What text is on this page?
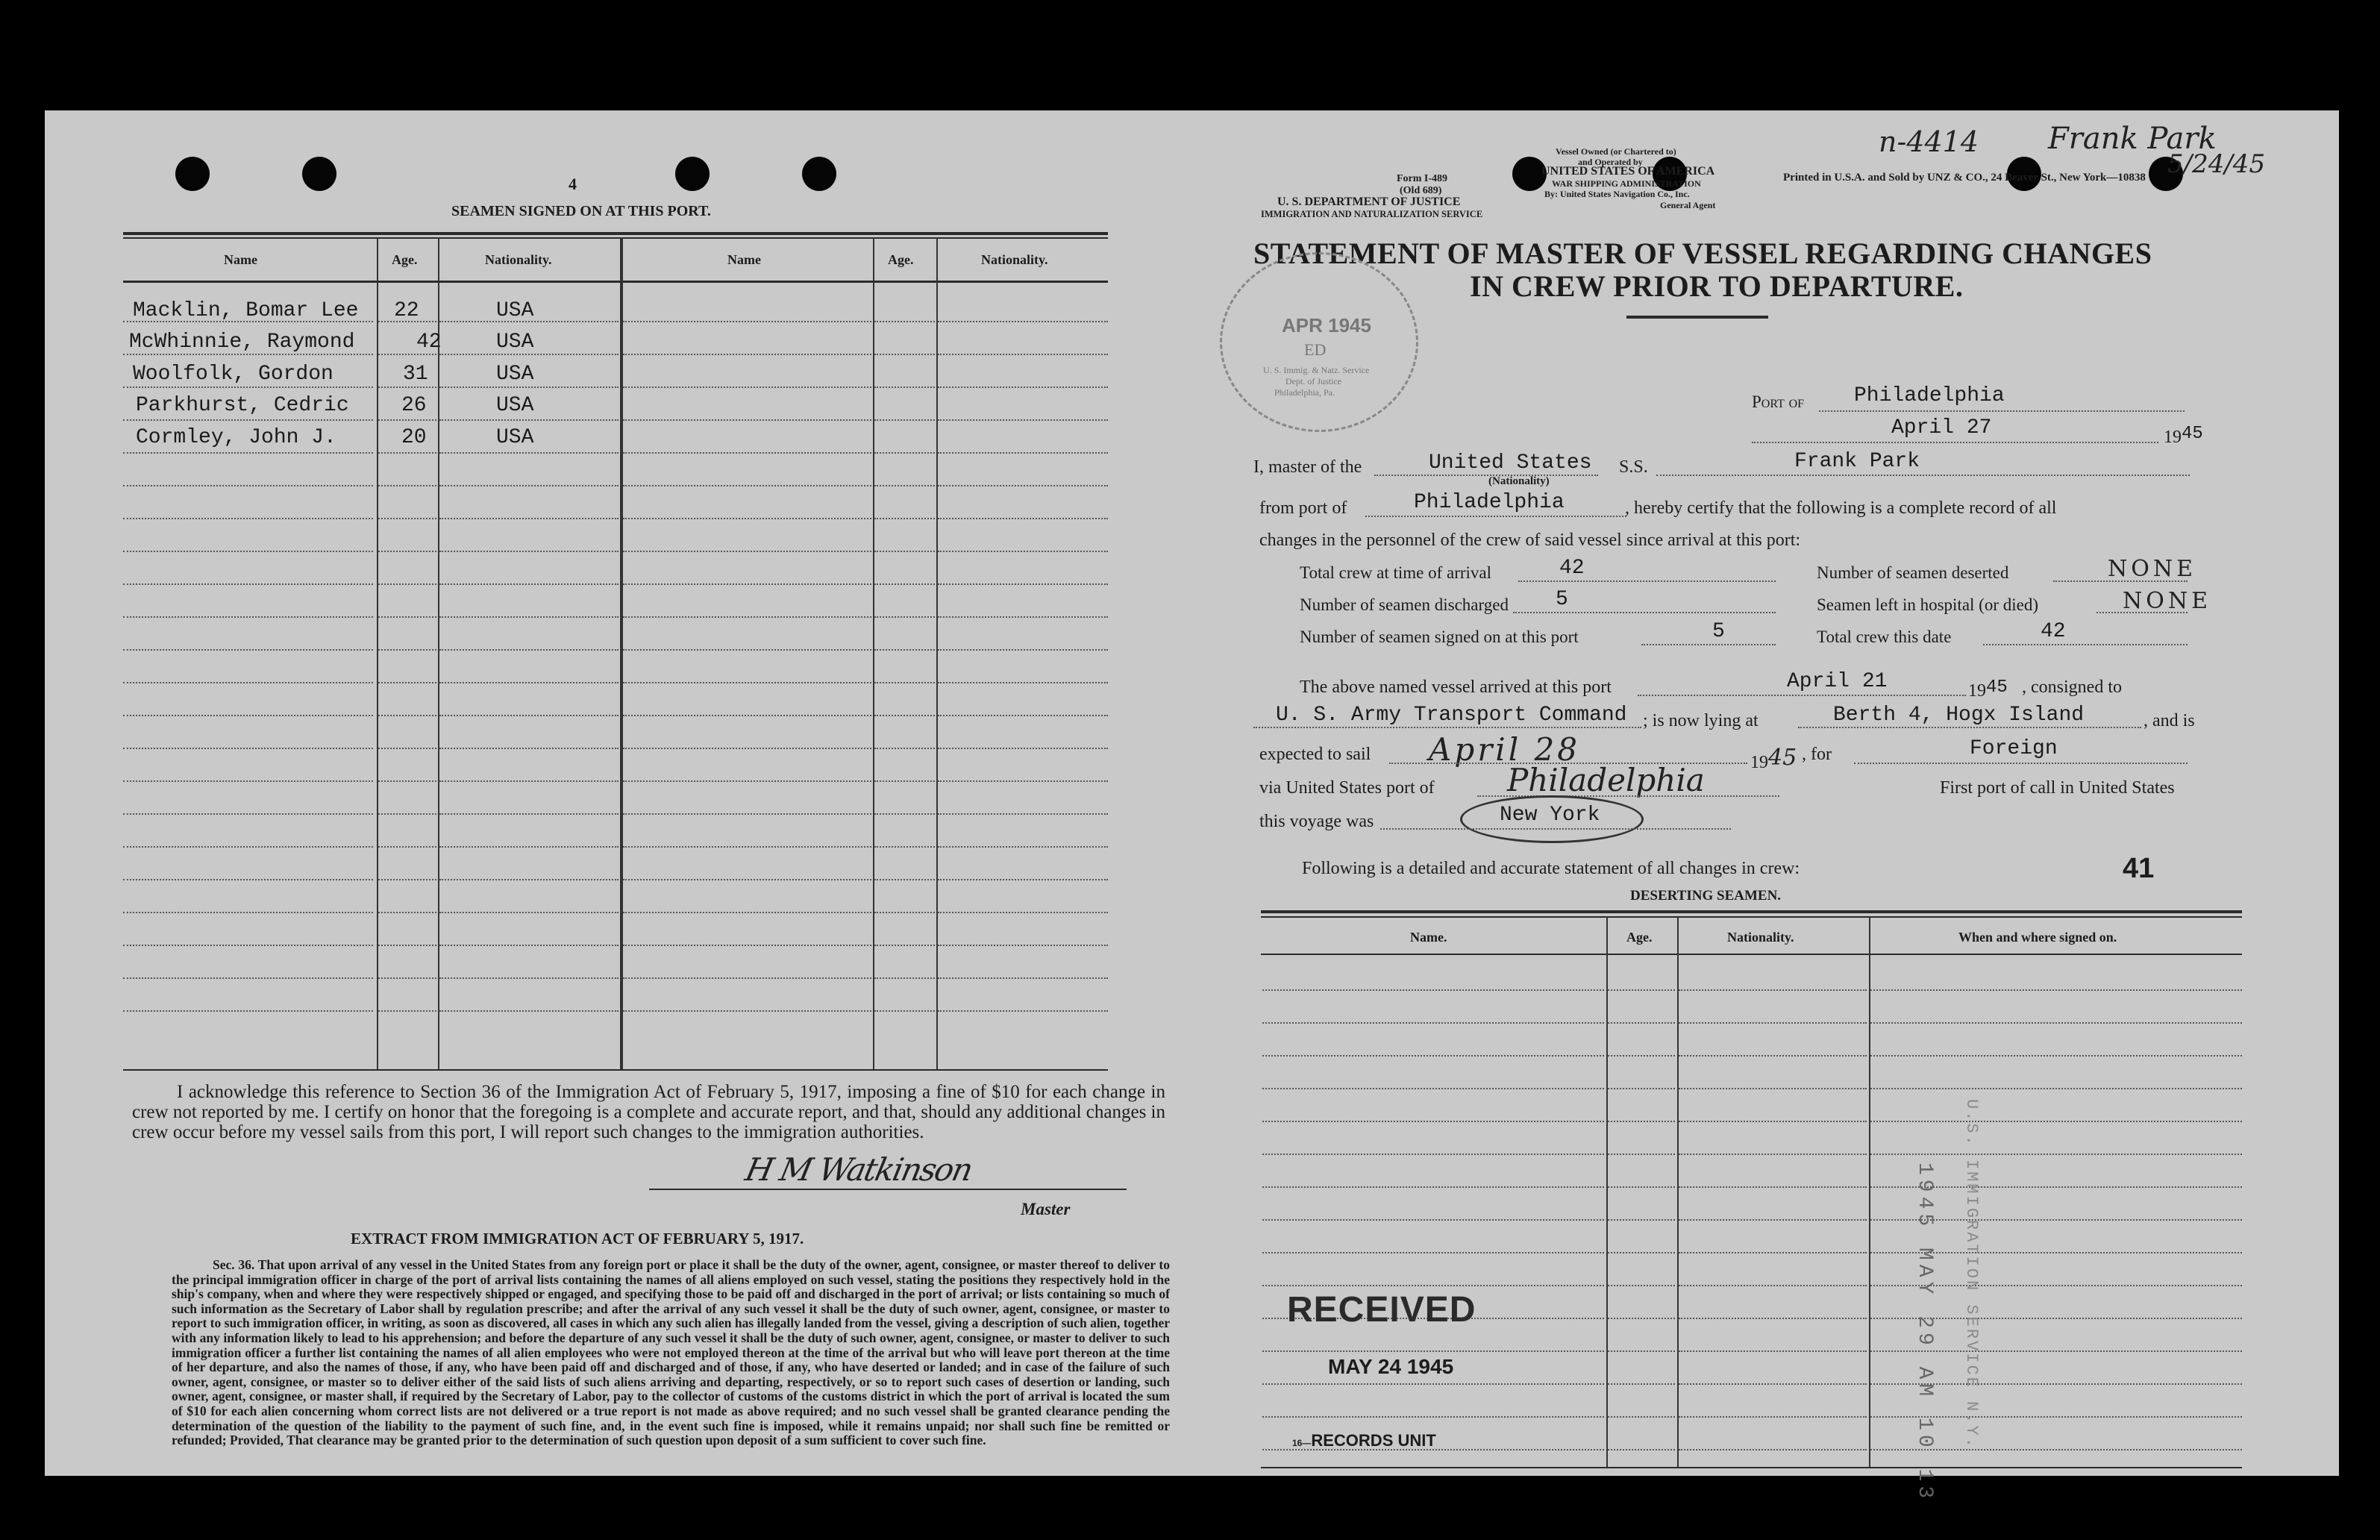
4
SEAMEN SIGNED ON AT THIS PORT.
Name	Age.	Nationality.	Name	Age.	Nationality.
Macklin, Bomar Lee 22	USA
McWhinnie, Raymond	42	USA
Woolfolk, Gordon	31	USA
Parkhurst, Cedric	26	USA
Cormley, John J.	20	USA
I acknowledge this reference to Section 36 of the Immigration Act of February 5, 1917, imposing a fine of $10 for each change in crew not reported by me. I certify on honor that the foregoing is a complete and accurate report, and that, should any additional changes in crew occur before my vessel sails from this port, I will report such changes to the immigration authorities.
H M Watkinson
Master
EXTRACT FROM IMMIGRATION ACT OF FEBRUARY 5, 1917.
Sec. 36. That upon arrival of any vessel in the United States from any foreign port or place it shall be the duty of the owner, agent, consignee, or master thereof to deliver to the principal immigration officer in charge of the port of arrival lists containing the names of all aliens employed on such vessel, stating the positions they respectively hold in the ship's company, when and where they were respectively shipped or engaged, and specifying those to be paid off and discharged in the port of arrival; or lists containing so much of such information as the Secretary of Labor shall by regulation prescribe; and after the arrival of any such vessel it shall be the duty of such owner, agent, consignee, or master to report to such immigration officer, in writing, as soon as discovered, all cases in which any such alien has illegally landed from the vessel, giving a description of such alien, together with any information likely to lead to his apprehension; and before the departure of any such vessel it shall be the duty of such owner, agent, consignee, or master to deliver to such immigration officer a further list containing the names of all alien employees who were not employed thereon at the time of the arrival but who will leave port thereon at the time of her departure, and also the names of those, if any, who have been paid off and discharged and of those, if any, who have deserted or landed; and in case of the failure of such owner, agent, consignee, or master so to deliver either of the said lists of such aliens arriving and departing, respectively, or so to report such cases of desertion or landing, such owner, agent, consignee, or master shall, if required by the Secretary of Labor, pay to the collector of customs of the customs district in which the port of arrival is located the sum of $10 for each alien concerning whom correct lists are not delivered or a true report is not made as above required; and no such vessel shall be granted clearance pending the determination of the question of the liability to the payment of such fine, and, in the event such fine is imposed, while it remains unpaid; nor shall such fine be remitted or refunded; Provided, That clearance may be granted prior to the determination of such question upon deposit of a sum sufficient to cover such fine.
Form I-489
(Old 689)
U. S. DEPARTMENT OF JUSTICE
IMMIGRATION AND NATURALIZATION SERVICE
Vessel Owned (or Chartered to)
and Operated by
UNITED STATES OF AMERICA
WAR SHIPPING ADMINISTRATION
By: United States Navigation Co., Inc.
General Agent
Printed in U.S.A. and Sold by UNZ & CO., 24 Beaver St., New York—10838
n-4414 Frank Park
5/24/45
STATEMENT OF MASTER OF VESSEL REGARDING CHANGES
IN CREW PRIOR TO DEPARTURE.
APR 1945
ED
U. S. Immig. & Natz. Service
Dept. of Justice
Philadelphia, Pa.	Port of Philadelphia
April 27	1945
I, master of the	United States
(Nationality)
S.S.	Frank Park
from port of	Philadelphia	, hereby certify that the following is a complete record of all
changes in the personnel of the crew of said vessel since arrival at this port:
Total crew at time of arrival	42	Number of seamen deserted	NONE
Number of seamen discharged 5	Seamen left in hospital (or died)	NONE
Number of seamen signed on at this port	5	Total crew this date	42
The above named vessel arrived at this port	April 21	1945 , consigned to
U. S. Army Transport Command ; is now lying at	Berth 4, Hogx Island	, and is
expected to sail April 28	1945 , for	Foreign
via United States port of Philadelphia	First port of call in United States
this voyage was	New York
Following is a detailed and accurate statement of all changes in crew:	41
DESERTING SEAMEN.
Name.	Age.	Nationality.	When and where signed on.
1945 MAY 29 AM 10 13 U.S. IMMIGRATION SERVICE N.Y.
RECEIVED
MAY 24 1945
16—RECORDS UNIT
